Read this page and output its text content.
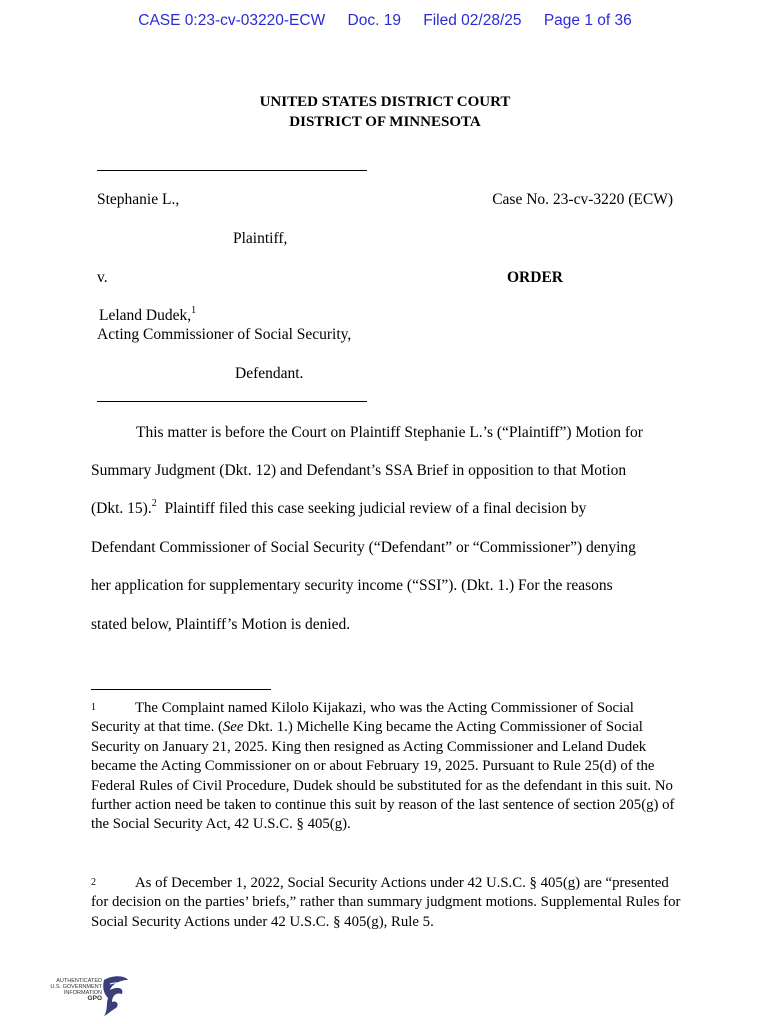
CASE 0:23-cv-03220-ECW Doc. 19 Filed 02/28/25 Page 1 of 36
UNITED STATES DISTRICT COURT
DISTRICT OF MINNESOTA
Stephanie L.,	Case No. 23-cv-3220 (ECW)
Plaintiff,
v.	ORDER
Leland Dudek,$^1$
Acting Commissioner of Social Security,
Defendant.
This matter is before the Court on Plaintiff Stephanie L.’s (“Plaintiff”) Motion for
Summary Judgment (Dkt. 12) and Defendant’s SSA Brief in opposition to that Motion
(Dkt. 15).$^2$ Plaintiff filed this case seeking judicial review of a final decision by
Defendant Commissioner of Social Security (“Defendant” or “Commissioner”) denying
her application for supplementary security income (“SSI”). (Dkt. 1.) For the reasons
stated below, Plaintiff’s Motion is denied.
$^1$	The Complaint named Kilolo Kijakazi, who was the Acting Commissioner of Social Security at that time. (See Dkt. 1.) Michelle King became the Acting Commissioner of Social Security on January 21, 2025. King then resigned as Acting Commissioner and Leland Dudek became the Acting Commissioner on or about February 19, 2025. Pursuant to Rule 25(d) of the Federal Rules of Civil Procedure, Dudek should be substituted for as the defendant in this suit. No further action need be taken to continue this suit by reason of the last sentence of section 205(g) of the Social Security Act, 42 U.S.C. § 405(g).
$^2$	As of December 1, 2022, Social Security Actions under 42 U.S.C. § 405(g) are “presented for decision on the parties’ briefs,” rather than summary judgment motions. Supplemental Rules for Social Security Actions under 42 U.S.C. § 405(g), Rule 5.
AUTHENTICATED
U.S. GOVERNMENT
INFORMATION
GPO
